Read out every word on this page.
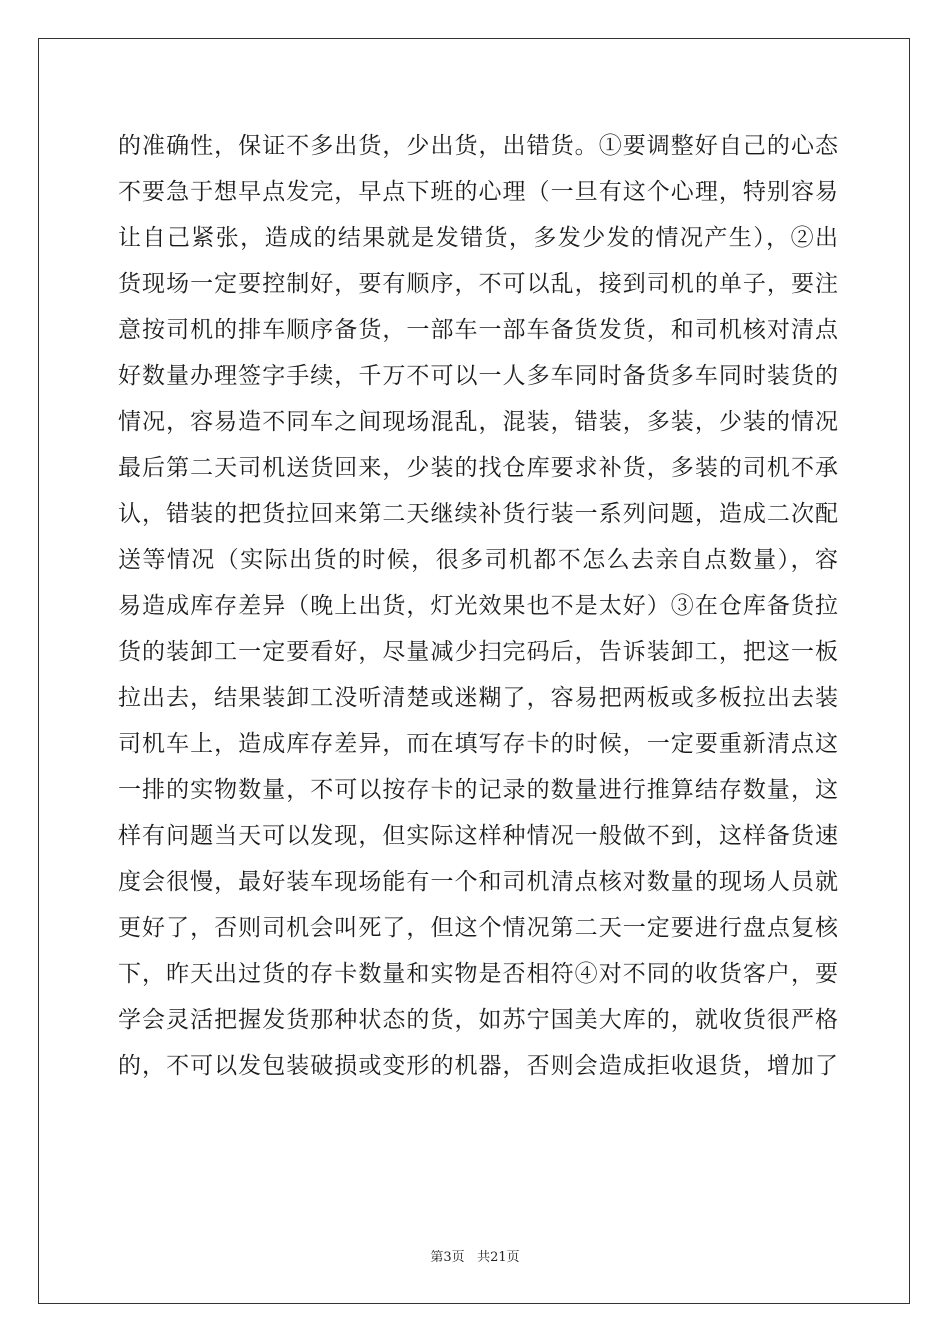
的准确性，保证不多出货，少出货，出错货。①要调整好自己的心态
不要急于想早点发完，早点下班的心理（一旦有这个心理，特别容易
让自己紧张，造成的结果就是发错货，多发少发的情况产生），②出
货现场一定要控制好，要有顺序，不可以乱，接到司机的单子，要注
意按司机的排车顺序备货，一部车一部车备货发货，和司机核对清点
好数量办理签字手续，千万不可以一人多车同时备货多车同时装货的
情况，容易造不同车之间现场混乱，混装，错装，多装，少装的情况
最后第二天司机送货回来，少装的找仓库要求补货，多装的司机不承
认，错装的把货拉回来第二天继续补货行装一系列问题，造成二次配
送等情况（实际出货的时候，很多司机都不怎么去亲自点数量），容
易造成库存差异（晚上出货，灯光效果也不是太好）③在仓库备货拉
货的装卸工一定要看好，尽量减少扫完码后，告诉装卸工，把这一板
拉出去，结果装卸工没听清楚或迷糊了，容易把两板或多板拉出去装
司机车上，造成库存差异，而在填写存卡的时候，一定要重新清点这
一排的实物数量，不可以按存卡的记录的数量进行推算结存数量，这
样有问题当天可以发现，但实际这样种情况一般做不到，这样备货速
度会很慢，最好装车现场能有一个和司机清点核对数量的现场人员就
更好了，否则司机会叫死了，但这个情况第二天一定要进行盘点复核
下，昨天出过货的存卡数量和实物是否相符④对不同的收货客户，要
学会灵活把握发货那种状态的货，如苏宁国美大库的，就收货很严格
的，不可以发包装破损或变形的机器，否则会造成拒收退货，增加了
第3页 共21页
